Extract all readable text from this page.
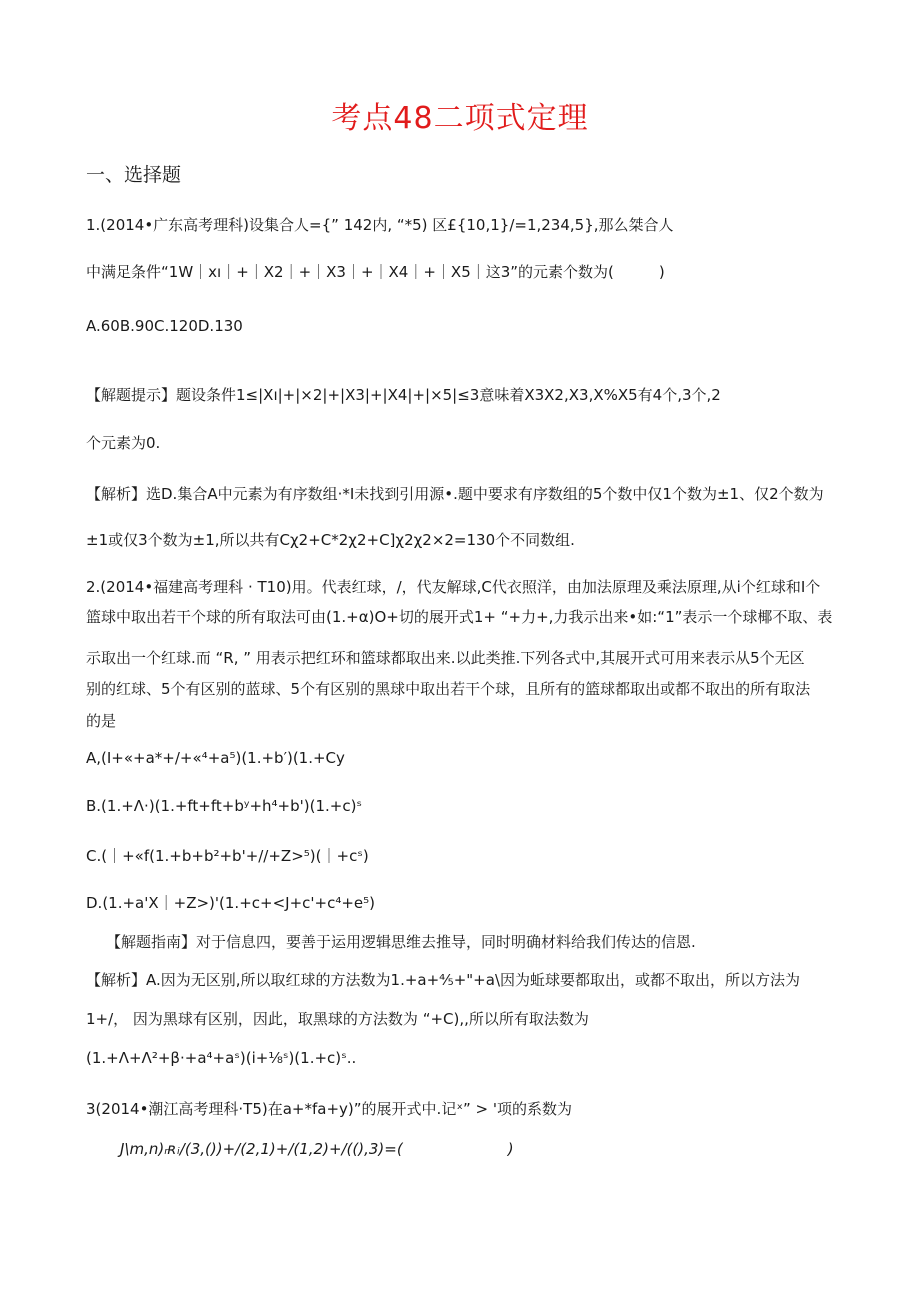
考点48二项式定理
一、选择题
1.(2014•广东高考理科)设集合人={” 142内, “*5) 区£{10,1}/=1,234,5},那么桀合人
中满足条件“1W｜xı｜+｜X2｜+｜X3｜+｜X4｜+｜X5｜这3”的元素个数为(　　　)
A.60B.90C.120D.130
【解题提示】题设条件1≤|Xı|+|×2|+|X3|+|X4|+|×5|≤3意味着X3X2,X3,X%X5有4个,3个,2
个元素为0.
【解析】选D.集合A中元素为有序数组·*I未找到引用源•.题中要求有序数组的5个数中仅1个数为±1、仅2个数为
±1或仅3个数为±1,所以共有Cχ2+C*2χ2+C]χ2χ2×2=130个不同数组.
2.(2014•福建高考理科 · T10)用。代表红球，/，代友解球,C代衣照洋，由加法原理及乘法原理,从i个红球和I个
篮球中取出若干个球的所有取法可由(1.+α)O+切的展开式1+ “+力+,力我示出来•如:“1”表示一个球椰不取、表
示取出一个红球.而 “R, ” 用表示把红环和篮球都取出来.以此类推.下列各式中,其展开式可用来表示从5个无区
别的红球、5个有区别的蓝球、5个有区别的黑球中取出若干个球，且所有的篮球都取出或都不取出的所有取法
的是
A,(I+«+a*+/+«⁴+a⁵)(1.+b′)(1.+Cy
B.(1.+Λ·)(1.+ft+ft+bʸ+h⁴+b')(1.+c)ˢ
C.(｜+«f(1.+b+b²+b'+//+Z>⁵)(｜+cˢ)
D.(1.+a'X｜+Z>)'(1.+c+<J+c'+c⁴+e⁵)
【解题指南】对于信息四，要善于运用逻辑思维去推导，同时明确材料给我们传达的信恩.
【解析】A.因为无区别,所以取红球的方法数为1.+a+⅘+"+a\因为蚯球要都取出，或都不取出，所以方法为
1+/， 因为黑球有区别，因此，取黑球的方法数为 “+C),,所以所有取法数为
(1.+Λ+Λ²+β·+a⁴+aˢ)(i+⅛ˢ)(1.+c)ˢ..
3(2014•潮江高考理科·T5)在a+*fa+y)”的展开式中.记ˣ” > '项的系数为
J\m,n)ᵣʀᵢ/(3,())+/(2,1)+/(1,2)+/((),3)=(　　　　　　　)
